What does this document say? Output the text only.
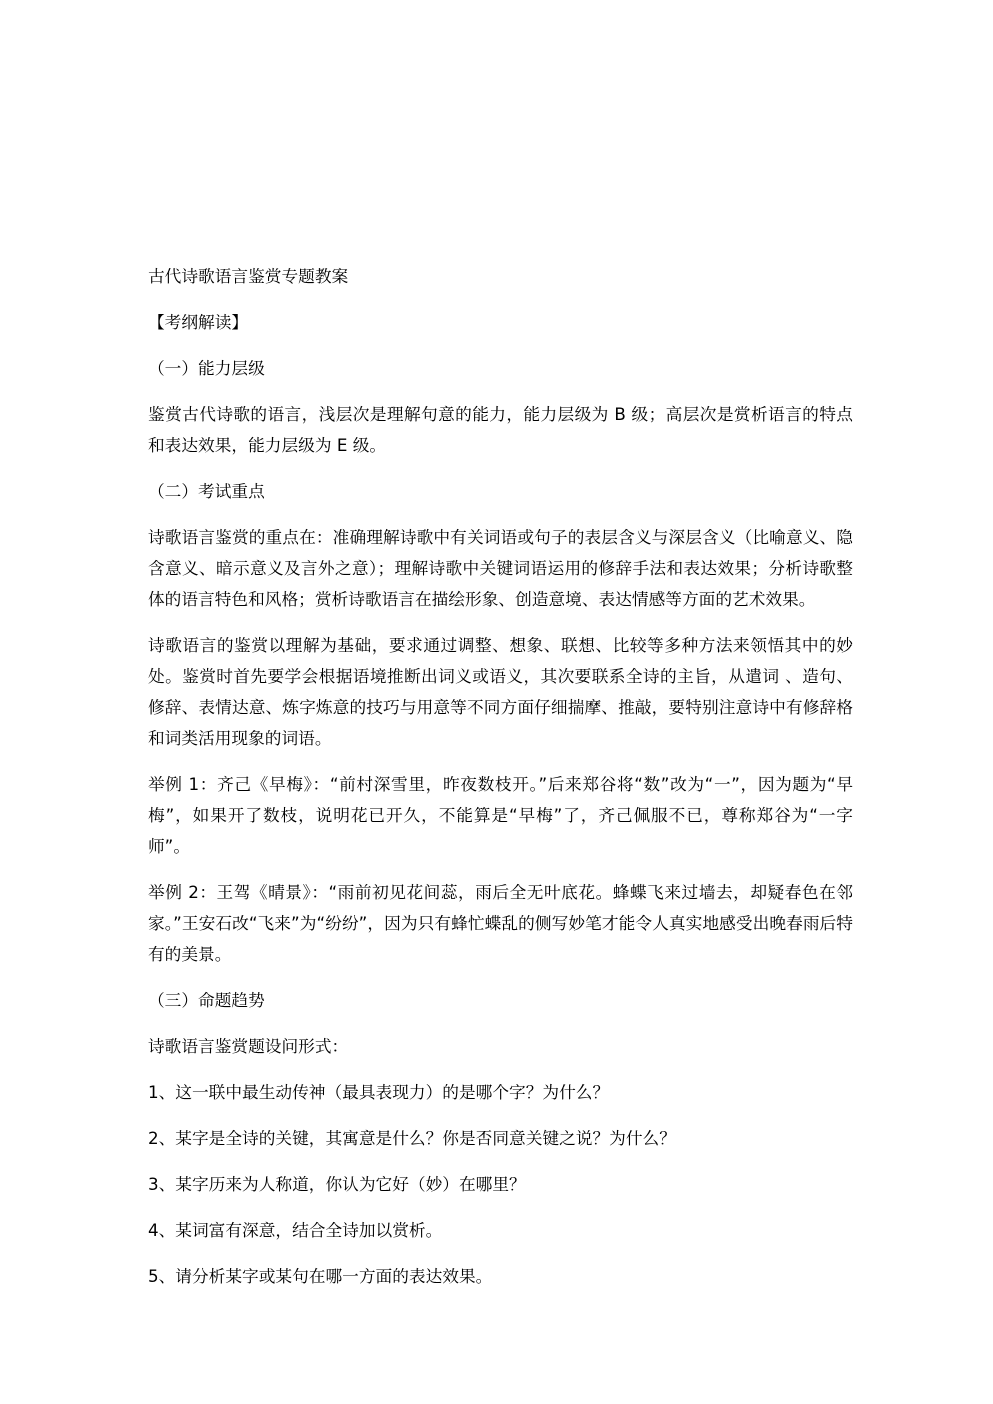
古代诗歌语言鉴赏专题教案

【考纲解读】

（一）能力层级

鉴赏古代诗歌的语言，浅层次是理解句意的能力，能力层级为 B 级；高层次是赏析语言的特点和表达效果，能力层级为 E 级。

（二）考试重点

诗歌语言鉴赏的重点在：准确理解诗歌中有关词语或句子的表层含义与深层含义（比喻意义、隐含意义、暗示意义及言外之意）；理解诗歌中关键词语运用的修辞手法和表达效果；分析诗歌整体的语言特色和风格；赏析诗歌语言在描绘形象、创造意境、表达情感等方面的艺术效果。

诗歌语言的鉴赏以理解为基础，要求通过调整、想象、联想、比较等多种方法来领悟其中的妙处。鉴赏时首先要学会根据语境推断出词义或语义，其次要联系全诗的主旨，从遣词 、造句、修辞、表情达意、炼字炼意的技巧与用意等不同方面仔细揣摩、推敲，要特别注意诗中有修辞格和词类活用现象的词语。

举例 1：齐己《早梅》：“前村深雪里，昨夜数枝开。”后来郑谷将“数”改为“一”，因为题为“早梅”，如果开了数枝，说明花已开久，不能算是“早梅”了，齐己佩服不已，尊称郑谷为“一字师”。

举例 2：王驾《晴景》：“雨前初见花间蕊，雨后全无叶底花。蜂蝶飞来过墙去，却疑春色在邻家。”王安石改“飞来”为“纷纷”，因为只有蜂忙蝶乱的侧写妙笔才能令人真实地感受出晚春雨后特有的美景。

（三）命题趋势

诗歌语言鉴赏题设问形式：

1、这一联中最生动传神（最具表现力）的是哪个字？为什么？

2、某字是全诗的关键，其寓意是什么？你是否同意关键之说？为什么？

3、某字历来为人称道，你认为它好（妙）在哪里？

4、某词富有深意，结合全诗加以赏析。

5、请分析某字或某句在哪一方面的表达效果。
